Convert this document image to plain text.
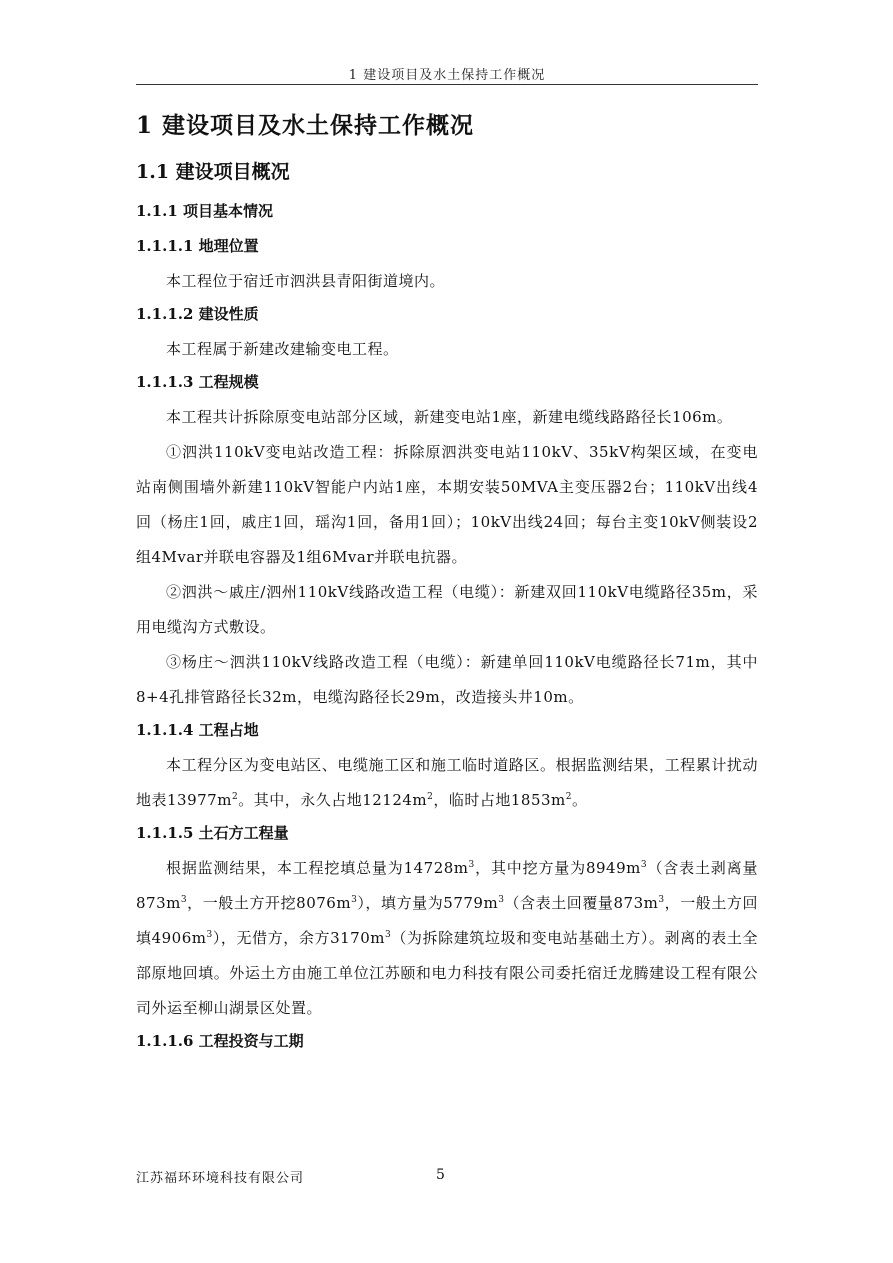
1 建设项目及水土保持工作概况
1 建设项目及水土保持工作概况
1.1 建设项目概况
1.1.1 项目基本情况
1.1.1.1 地理位置

本工程位于宿迁市泗洪县青阳街道境内。

1.1.1.2 建设性质

本工程属于新建改建输变电工程。

1.1.1.3 工程规模

本工程共计拆除原变电站部分区域，新建变电站1座，新建电缆线路路径长106m。

①泗洪110kV变电站改造工程：拆除原泗洪变电站110kV、35kV构架区域，在变电站南侧围墙外新建110kV智能户内站1座，本期安装50MVA主变压器2台；110kV出线4回（杨庄1回，戚庄1回，瑶沟1回，备用1回）；10kV出线24回；每台主变10kV侧装设2组4Mvar并联电容器及1组6Mvar并联电抗器。

②泗洪～戚庄/泗州110kV线路改造工程（电缆）：新建双回110kV电缆路径35m，采用电缆沟方式敷设。

③杨庄～泗洪110kV线路改造工程（电缆）：新建单回110kV电缆路径长71m，其中8+4孔排管路径长32m，电缆沟路径长29m，改造接头井10m。

1.1.1.4 工程占地

本工程分区为变电站区、电缆施工区和施工临时道路区。根据监测结果，工程累计扰动地表$13977m^2$。其中，永久占地$12124m^2$，临时占地$1853m^2$。

1.1.1.5 土石方工程量

根据监测结果，本工程挖填总量为$14728m^3$，其中挖方量为$8949m^3$（含表土剥离量$873m^3$，一般土方开挖$8076m^3$），填方量为$5779m^3$（含表土回覆量$873m^3$，一般土方回填$4906m^3$），无借方，余方$3170m^3$（为拆除建筑垃圾和变电站基础土方）。剥离的表土全部原地回填。外运土方由施工单位江苏颐和电力科技有限公司委托宿迁龙腾建设工程有限公司外运至柳山湖景区处置。

1.1.1.6 工程投资与工期
江苏福环环境科技有限公司	5
